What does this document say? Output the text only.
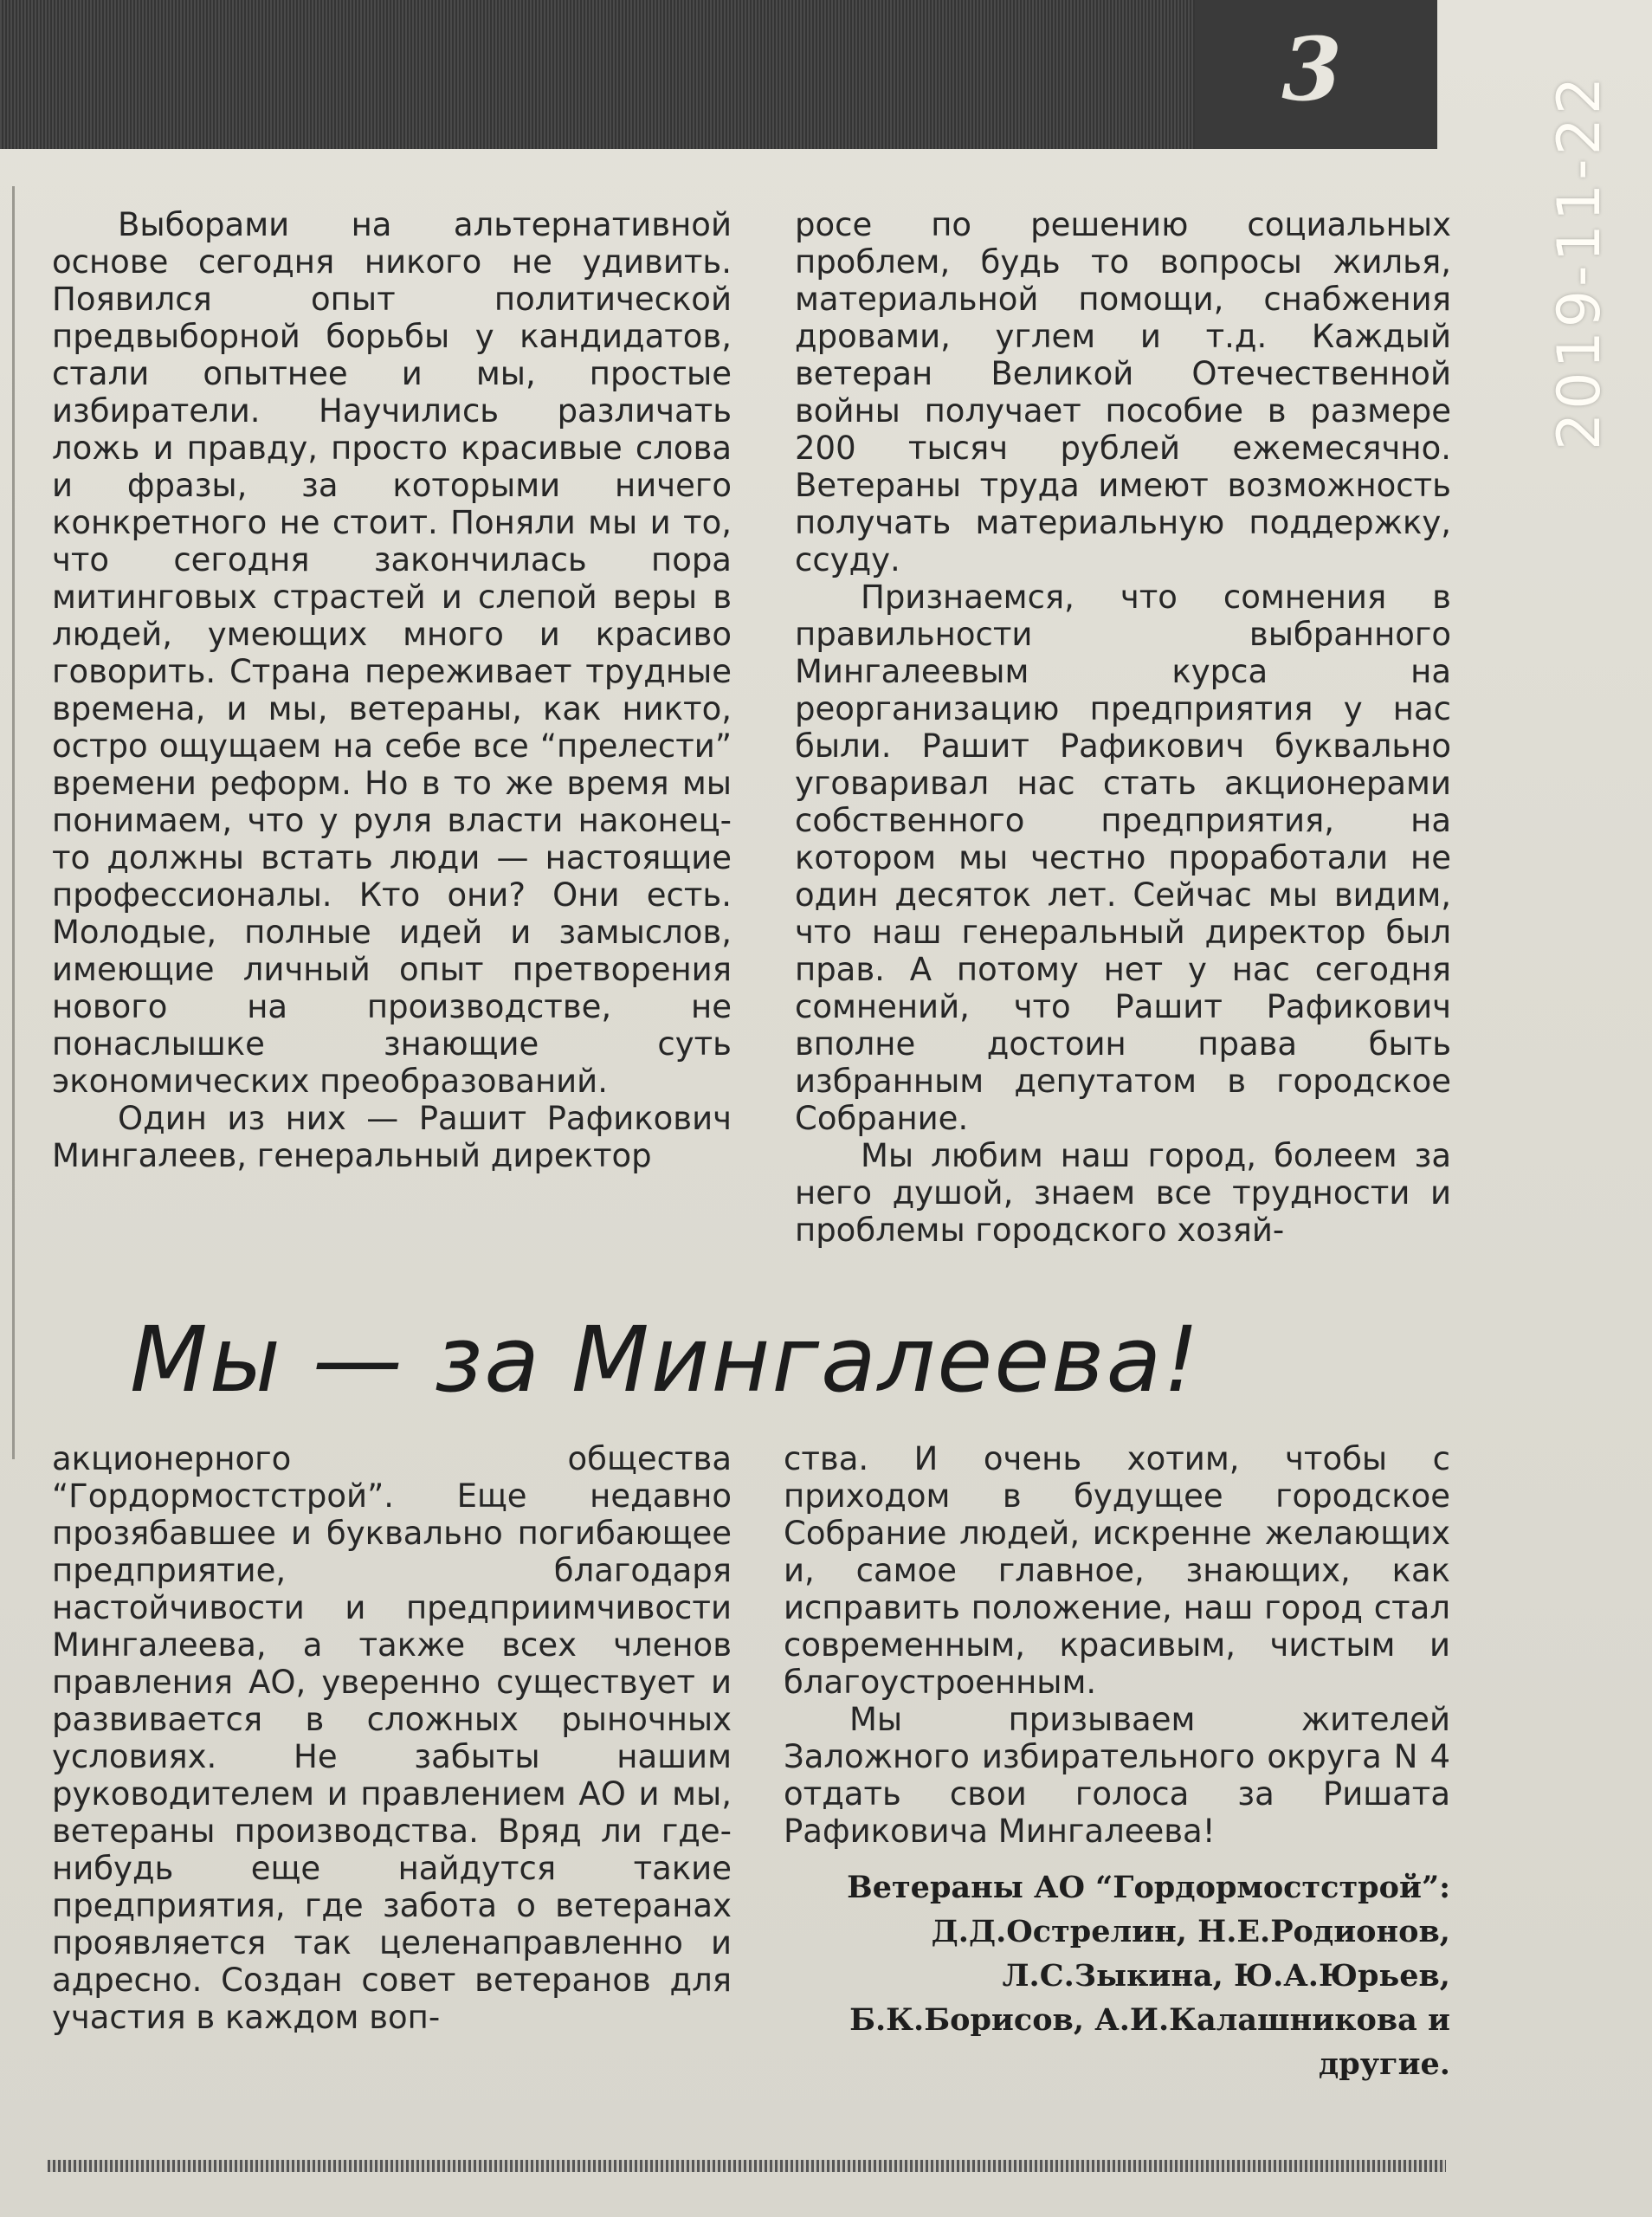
3
2019-11-22

Выборами на альтернативной основе сегодня никого не удивить. Появился опыт политической предвыборной борьбы у кандидатов, стали опытнее и мы, простые избиратели. Научились различать ложь и правду, просто красивые слова и фразы, за которыми ничего конкретного не стоит. Поняли мы и то, что сегодня закончилась пора митинговых страстей и слепой веры в людей, умеющих много и красиво говорить. Страна переживает трудные времена, и мы, ветераны, как никто, остро ощущаем на себе все “прелести” времени реформ. Но в то же время мы понимаем, что у руля власти наконец-то должны встать люди — настоящие профессионалы. Кто они? Они есть. Молодые, полные идей и замыслов, имеющие личный опыт претворения нового на производстве, не понаслышке знающие суть экономических преобразований.

Один из них — Рашит Рафикович Мингалеев, генеральный директор

росе по решению социальных проблем, будь то вопросы жилья, материальной помощи, снабжения дровами, углем и т.д. Каждый ветеран Великой Отечественной войны получает пособие в размере 200 тысяч рублей ежемесячно. Ветераны труда имеют возможность получать материальную поддержку, ссуду.

Признаемся, что сомнения в правильности выбранного Мингалеевым курса на реорганизацию предприятия у нас были. Рашит Рафикович буквально уговаривал нас стать акционерами собственного предприятия, на котором мы честно проработали не один десяток лет. Сейчас мы видим, что наш генеральный директор был прав. А потому нет у нас сегодня сомнений, что Рашит Рафикович вполне достоин права быть избранным депутатом в городское Собрание.

Мы любим наш город, болеем за него душой, знаем все трудности и проблемы городского хозяй-

Мы — за Мингалеева!

акционерного общества “Гордормостстрой”. Еще недавно прозябавшее и буквально погибающее предприятие, благодаря настойчивости и предприимчивости Мингалеева, а также всех членов правления АО, уверенно существует и развивается в сложных рыночных условиях. Не забыты нашим руководителем и правлением АО и мы, ветераны производства. Вряд ли где-нибудь еще найдутся такие предприятия, где забота о ветеранах проявляется так целенаправленно и адресно. Создан совет ветеранов для участия в каждом воп-

ства. И очень хотим, чтобы с приходом в будущее городское Собрание людей, искренне желающих и, самое главное, знающих, как исправить положение, наш город стал современным, красивым, чистым и благоустроенным.

Мы призываем жителей Заложного избирательного округа N 4 отдать свои голоса за Ришата Рафиковича Мингалеева!

Ветераны АО “Гордормостстрой”:
Д.Д.Острелин, Н.Е.Родионов,
Л.С.Зыкина, Ю.А.Юрьев,
Б.К.Борисов, А.И.Калашникова и
другие.
